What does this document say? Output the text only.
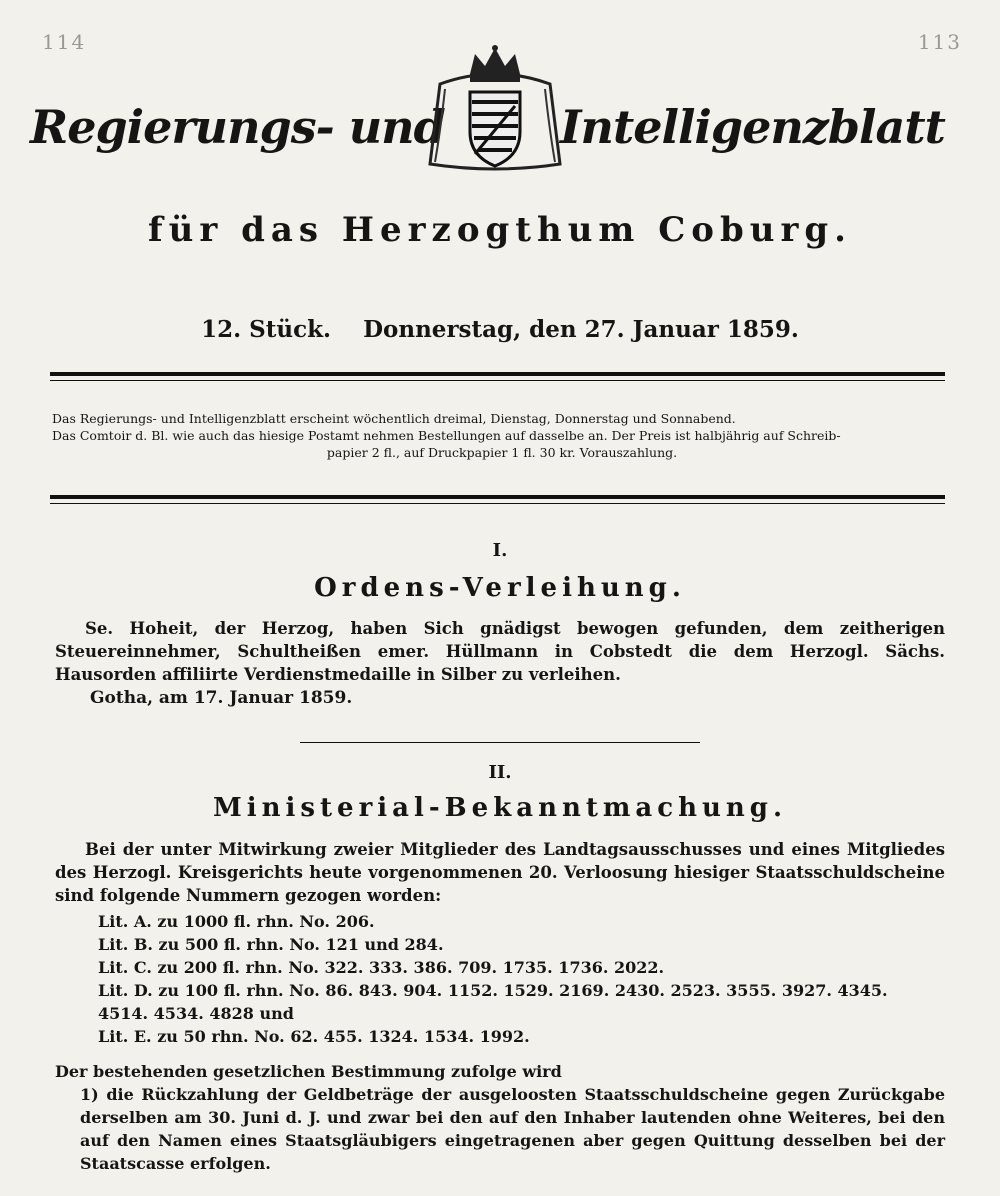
114	113
Regierungs- und	Intelligenzblatt
für das Herzogthum Coburg.
12. Stück. Donnerstag, den 27. Januar 1859.
Das Regierungs- und Intelligenzblatt erscheint wöchentlich dreimal, Dienstag, Donnerstag und Sonnabend.
Das Comtoir d. Bl. wie auch das hiesige Postamt nehmen Bestellungen auf dasselbe an. Der Preis ist halbjährig auf Schreib-

papier 2 fl., auf Druckpapier 1 fl. 30 kr. Vorauszahlung.
I.
Ordens-Verleihung.
Se. Hoheit, der Herzog, haben Sich gnädigst bewogen gefunden, dem zeitherigen Steuereinnehmer, Schultheißen emer. Hüllmann in Cobstedt die dem Herzogl. Sächs. Hausorden affiliirte Verdienstmedaille in Silber zu verleihen.
Gotha, am 17. Januar 1859.
II.
Ministerial-Bekanntmachung.
Bei der unter Mitwirkung zweier Mitglieder des Landtagsausschusses und eines Mitgliedes des Herzogl. Kreisgerichts heute vorgenommenen 20. Verloosung hiesiger Staatsschuldscheine sind folgende Nummern gezogen worden:
Lit. A. zu 1000 fl. rhn. No. 206.
Lit. B. zu 500 fl. rhn. No. 121 und 284.
Lit. C. zu 200 fl. rhn. No. 322. 333. 386. 709. 1735. 1736. 2022.
Lit. D. zu 100 fl. rhn. No. 86. 843. 904. 1152. 1529. 2169. 2430. 2523. 3555. 3927. 4345.
4514. 4534. 4828 und
Lit. E. zu 50 rhn. No. 62. 455. 1324. 1534. 1992.
Der bestehenden gesetzlichen Bestimmung zufolge wird
1) die Rückzahlung der Geldbeträge der ausgeloosten Staatsschuldscheine gegen Zurückgabe derselben am 30. Juni d. J. und zwar bei den auf den Inhaber lautenden ohne Weiteres, bei den auf den Namen eines Staatsgläubigers eingetragenen aber gegen Quittung desselben bei der Staatscasse erfolgen.
